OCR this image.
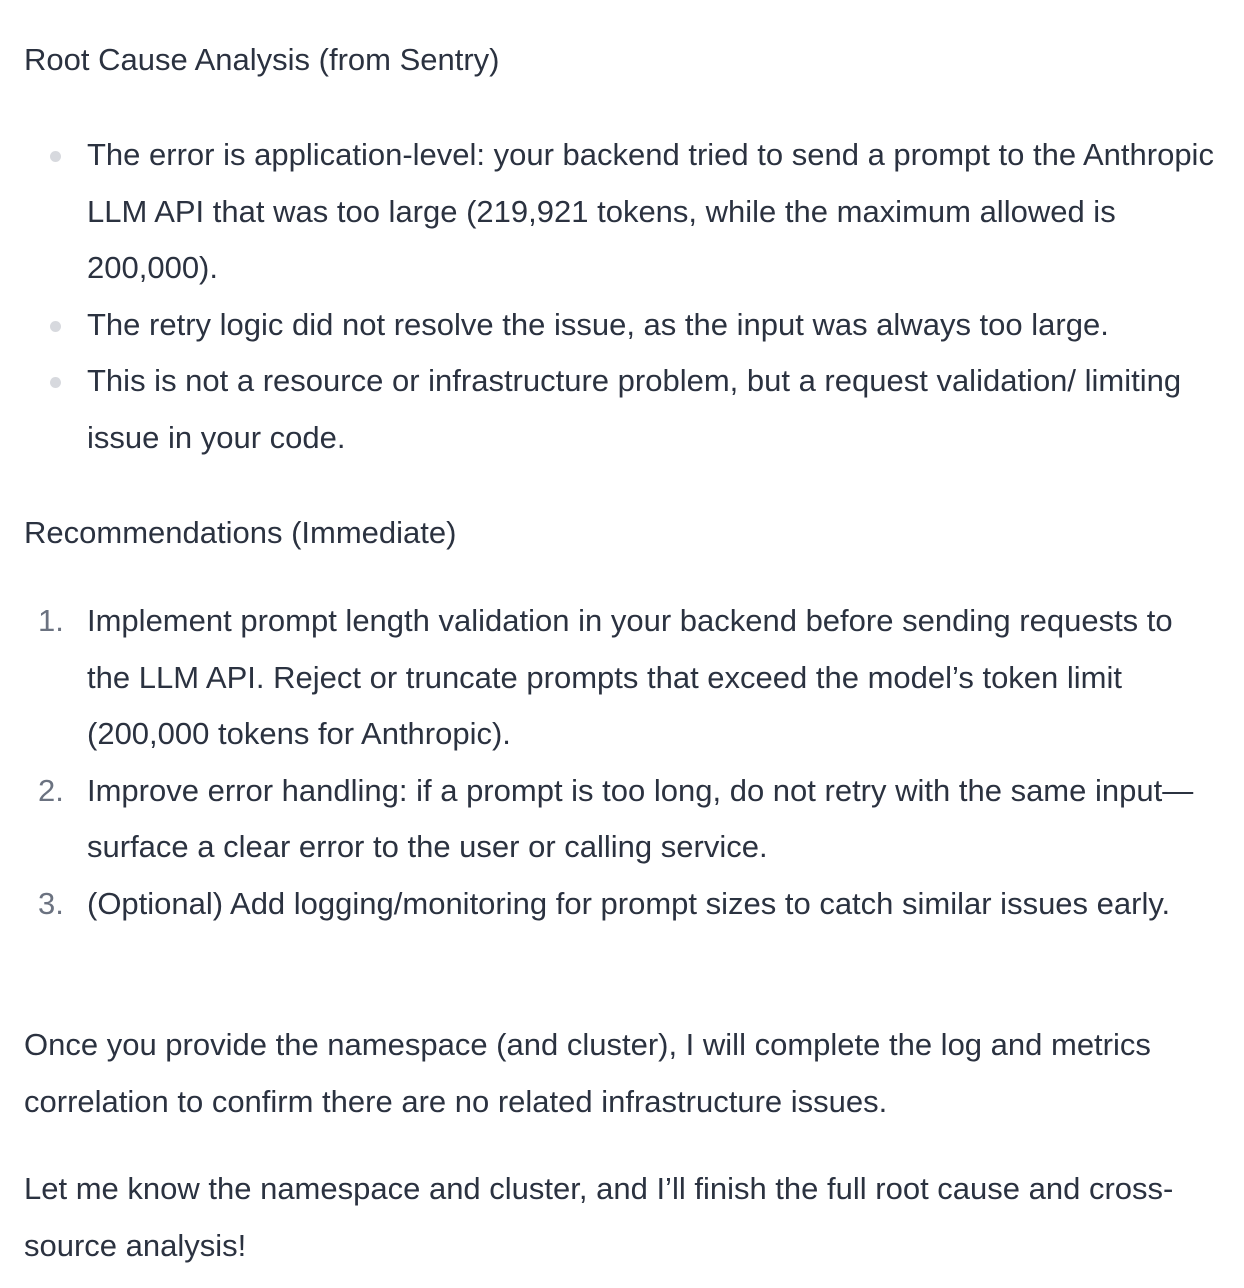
Root Cause Analysis (from Sentry)
The error is application-level: your backend tried to send a prompt to the Anthropic LLM API that was too large (219,921 tokens, while the maximum allowed is 200,000).
The retry logic did not resolve the issue, as the input was always too large.
This is not a resource or infrastructure problem, but a request validation/ limiting issue in your code.
Recommendations (Immediate)
1. Implement prompt length validation in your backend before sending requests to the LLM API. Reject or truncate prompts that exceed the model’s token limit (200,000 tokens for Anthropic).
2. Improve error handling: if a prompt is too long, do not retry with the same input—surface a clear error to the user or calling service.
3. (Optional) Add logging/monitoring for prompt sizes to catch similar issues early.

Once you provide the namespace (and cluster), I will complete the log and metrics correlation to confirm there are no related infrastructure issues.

Let me know the namespace and cluster, and I’ll finish the full root cause and cross-source analysis!
